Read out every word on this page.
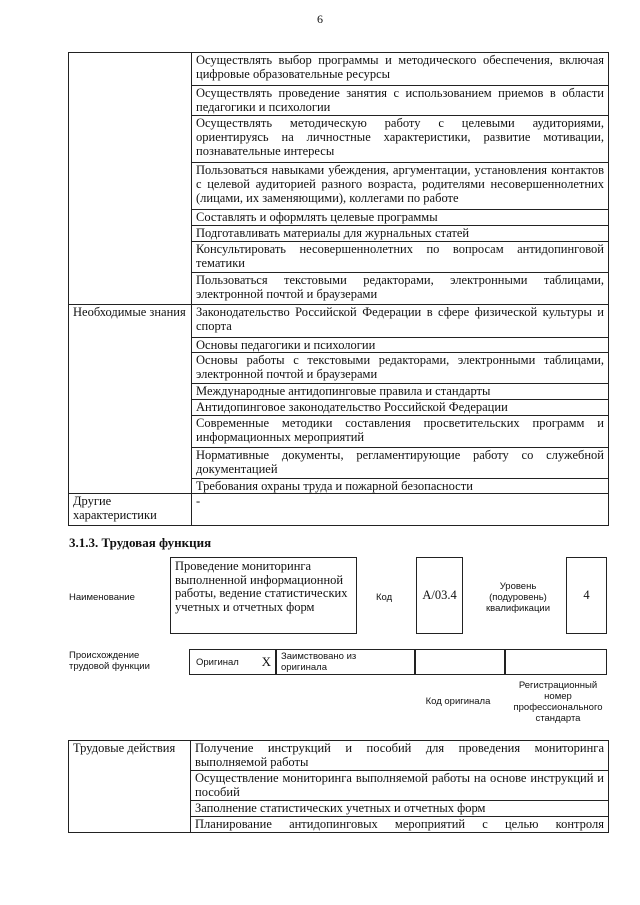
6
	Осуществлять выбор программы и методического обеспечения, включая цифровые образовательные ресурсы
	Осуществлять проведение занятия с использованием приемов в области педагогики и психологии
	Осуществлять методическую работу с целевыми аудиториями, ориентируясь на личностные характеристики, развитие мотивации, познавательные интересы
	Пользоваться навыками убеждения, аргументации, установления контактов с целевой аудиторией разного возраста, родителями несовершеннолетних (лицами, их заменяющими), коллегами по работе
	Составлять и оформлять целевые программы
	Подготавливать материалы для журнальных статей
	Консультировать несовершеннолетних по вопросам антидопинговой тематики
	Пользоваться текстовыми редакторами, электронными таблицами, электронной почтой и браузерами
Необходимые знания	Законодательство Российской Федерации в сфере физической культуры и спорта
	Основы педагогики и психологии
	Основы работы с текстовыми редакторами, электронными таблицами, электронной почтой и браузерами
	Международные антидопинговые правила и стандарты
	Антидопинговое законодательство Российской Федерации
	Современные методики составления просветительских программ и информационных мероприятий
	Нормативные документы, регламентирующие работу со служебной документацией
	Требования охраны труда и пожарной безопасности
Другие характеристики	-
3.1.3. Трудовая функция
Наименование
Проведение мониторинга выполненной информационной работы, ведение статистических учетных и отчетных форм
Код A/03.4
Уровень (подуровень) квалификации
4
Происхождение трудовой функции	Оригинал X Заимствовано из оригинала
Код оригинала
Регистрационный номер профессионального стандарта
Трудовые действия	Получение инструкций и пособий для проведения мониторинга выполняемой работы
Осуществление мониторинга выполняемой работы на основе инструкций и пособий
Заполнение статистических учетных и отчетных форм
Планирование антидопинговых мероприятий с целью контроля
